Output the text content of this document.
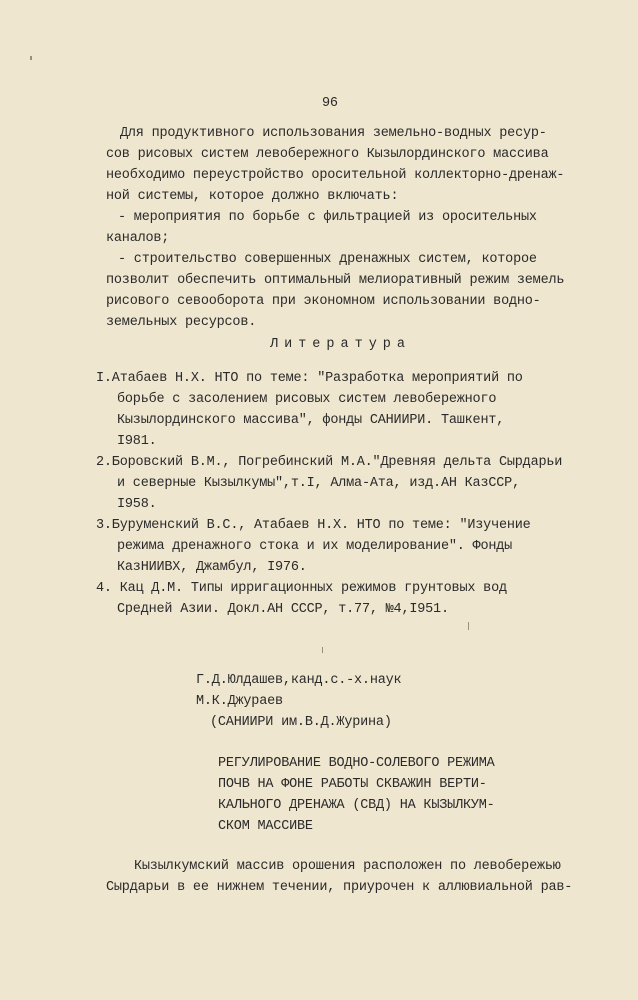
96
Для продуктивного использования земельно-водных ресур-
сов рисовых систем левобережного Кызылординского массива
необходимо переустройство оросительной коллекторно-дренаж-
ной системы, которое должно включать:
- мероприятия по борьбе с фильтрацией из оросительных
каналов;
- строительство совершенных дренажных систем, которое
позволит обеспечить оптимальный мелиоративный режим земель
рисового севооборота при экономном использовании водно-
земельных ресурсов.
Литература
I.Атабаев Н.Х. НТО по теме: "Разработка мероприятий по
борьбе с засолением рисовых систем левобережного
Кызылординского массива", фонды САНИИРИ. Ташкент,
I981.
2.Боровский В.М., Погребинский М.А."Древняя дельта Сырдарьи
и северные Кызылкумы",т.I, Алма-Ата, изд.АН КазССР,
I958.
3.Буруменский В.С., Атабаев Н.Х. НТО по теме: "Изучение
режима дренажного стока и их моделирование". Фонды
КазНИИВХ, Джамбул, I976.
4. Кац Д.М. Типы ирригационных режимов грунтовых вод
Средней Азии. Докл.АН СССР, т.77, №4,I951.
Г.Д.Юлдашев,канд.с.-х.наук
М.К.Джураев
(САНИИРИ им.В.Д.Журина)
РЕГУЛИРОВАНИЕ ВОДНО-СОЛЕВОГО РЕЖИМА
ПОЧВ НА ФОНЕ РАБОТЫ СКВАЖИН ВЕРТИ-
КАЛЬНОГО ДРЕНАЖА (СВД) НА КЫЗЫЛКУМ-
СКОМ МАССИВЕ
Кызылкумский массив орошения расположен по левобережью
Сырдарьи в ее нижнем течении, приурочен к аллювиальной рав-
